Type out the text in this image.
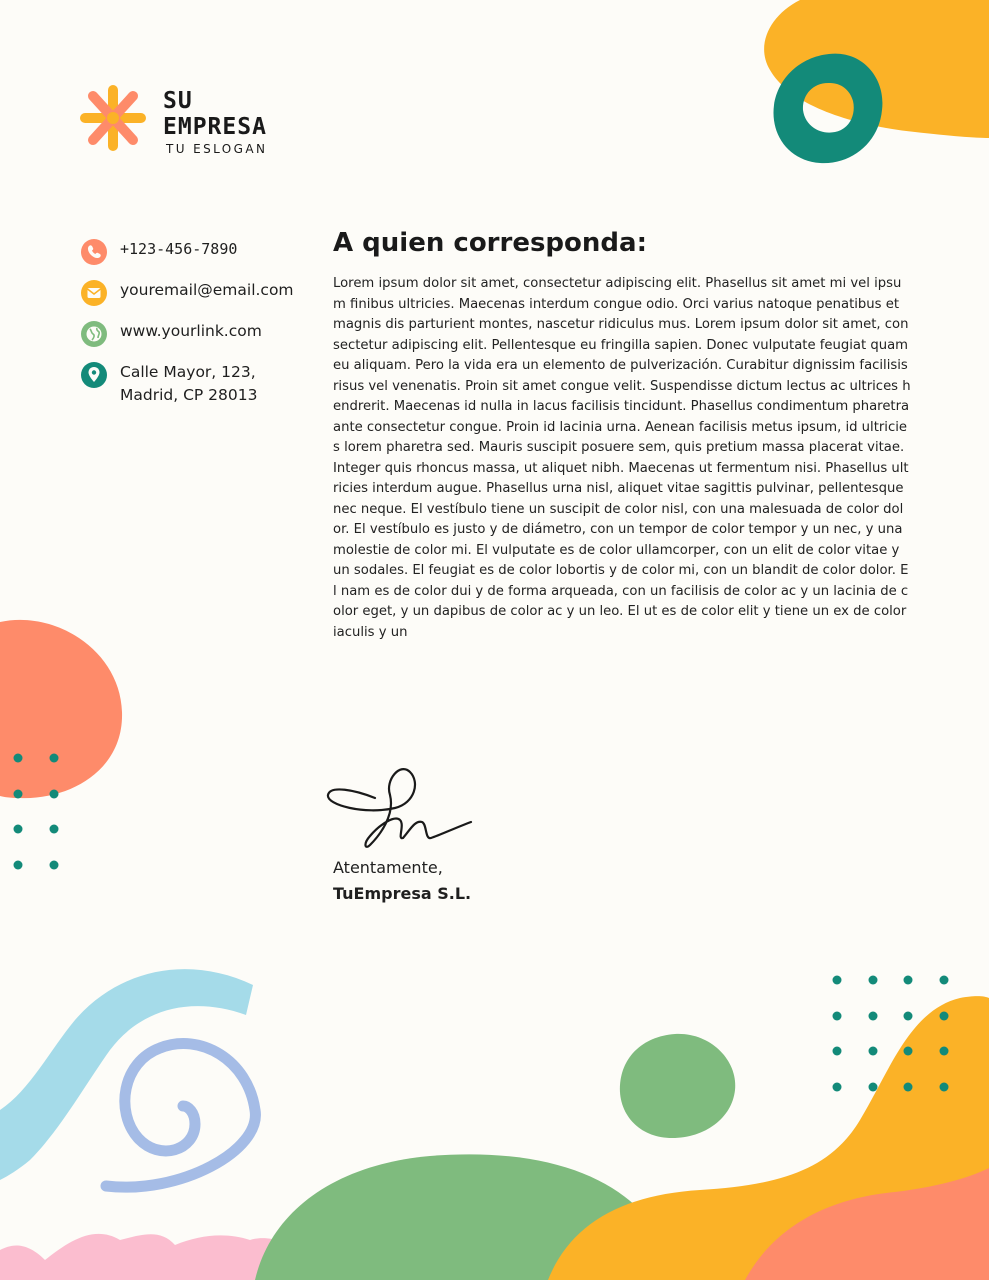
SU
EMPRESA
TU ESLOGAN
+123-456-7890
youremail@email.com
www.yourlink.com
Calle Mayor, 123,
Madrid, CP 28013
A quien corresponda:

Lorem ipsum dolor sit amet, consectetur adipiscing elit. Phasellus sit amet mi vel ipsum finibus ultricies. Maecenas interdum congue odio. Orci varius natoque penatibus et magnis dis parturient montes, nascetur ridiculus mus. Lorem ipsum dolor sit amet, consectetur adipiscing elit. Pellentesque eu fringilla sapien. Donec vulputate feugiat quam eu aliquam. Pero la vida era un elemento de pulverización. Curabitur dignissim facilisis risus vel venenatis. Proin sit amet congue velit. Suspendisse dictum lectus ac ultrices hendrerit. Maecenas id nulla in lacus facilisis tincidunt. Phasellus condimentum pharetra ante consectetur congue. Proin id lacinia urna. Aenean facilisis metus ipsum, id ultricies lorem pharetra sed. Mauris suscipit posuere sem, quis pretium massa placerat vitae. Integer quis rhoncus massa, ut aliquet nibh. Maecenas ut fermentum nisi. Phasellus ultricies interdum augue. Phasellus urna nisl, aliquet vitae sagittis pulvinar, pellentesque nec neque. El vestíbulo tiene un suscipit de color nisl, con una malesuada de color dolor. El vestíbulo es justo y de diámetro, con un tempor de color tempor y un nec, y una molestie de color mi. El vulputate es de color ullamcorper, con un elit de color vitae y un sodales. El feugiat es de color lobortis y de color mi, con un blandit de color dolor. El nam es de color dui y de forma arqueada, con un facilisis de color ac y un lacinia de color eget, y un dapibus de color ac y un leo. El ut es de color elit y tiene un ex de color iaculis y un

Atentamente,
TuEmpresa S.L.
